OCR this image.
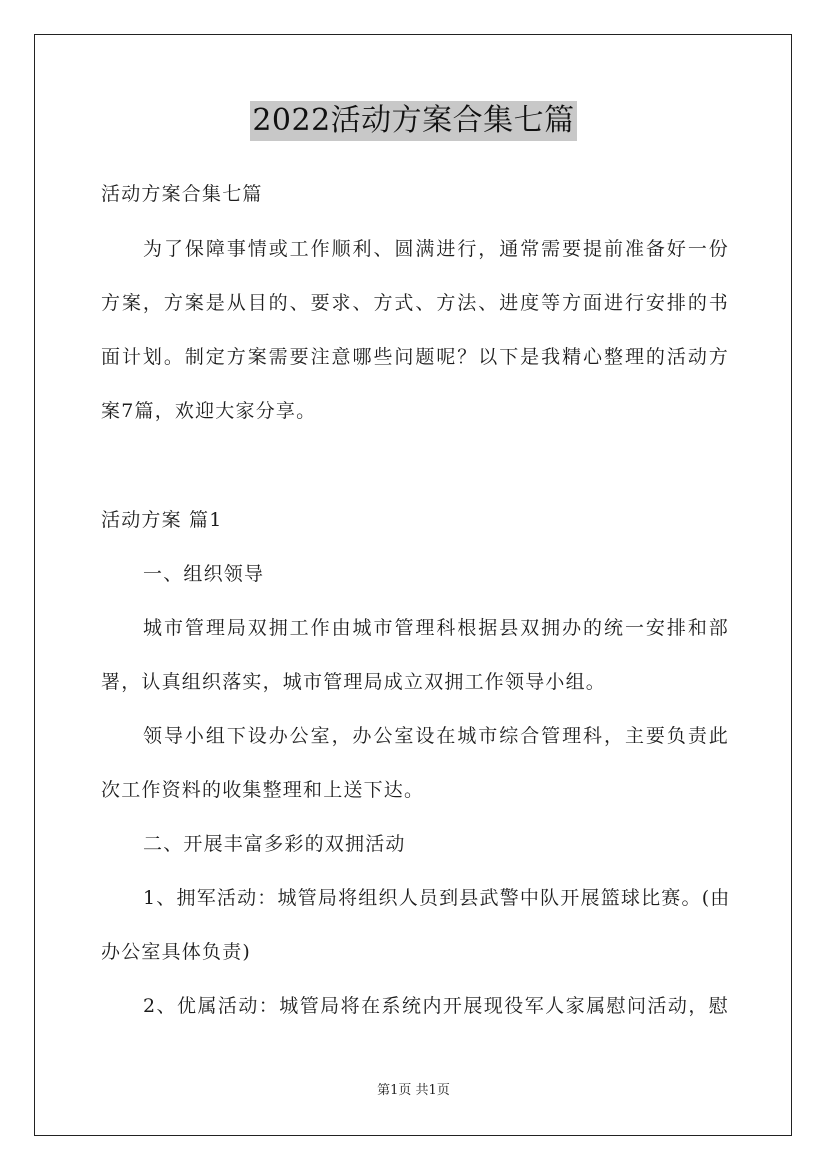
2022活动方案合集七篇
活动方案合集七篇
为了保障事情或工作顺利、圆满进行，通常需要提前准备好一份
方案，方案是从目的、要求、方式、方法、进度等方面进行安排的书
面计划。制定方案需要注意哪些问题呢？以下是我精心整理的活动方
案7篇，欢迎大家分享。
活动方案 篇1
一、组织领导
城市管理局双拥工作由城市管理科根据县双拥办的统一安排和部
署，认真组织落实，城市管理局成立双拥工作领导小组。
领导小组下设办公室，办公室设在城市综合管理科，主要负责此
次工作资料的收集整理和上送下达。
二、开展丰富多彩的双拥活动
1、拥军活动：城管局将组织人员到县武警中队开展篮球比赛。(由
办公室具体负责)
2、优属活动：城管局将在系统内开展现役军人家属慰问活动，慰
第1页 共1页
